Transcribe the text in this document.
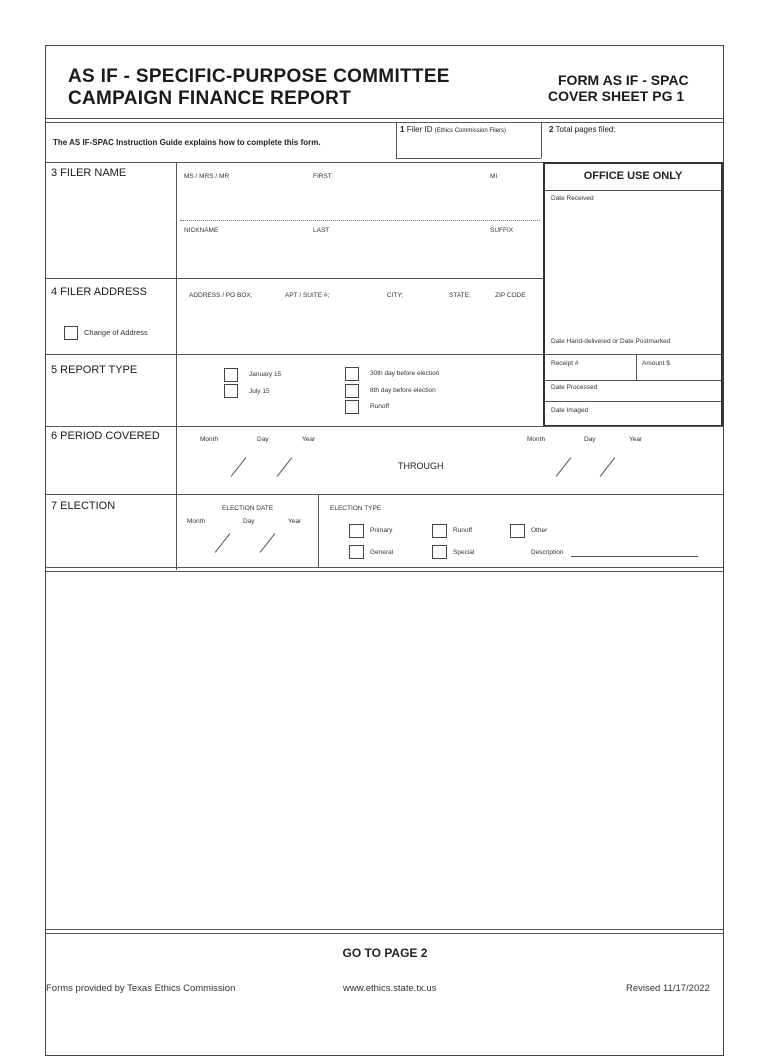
AS IF - SPECIFIC-PURPOSE COMMITTEE
CAMPAIGN FINANCE REPORT
FORM AS IF - SPAC
COVER SHEET PG 1
The AS IF-SPAC Instruction Guide explains how to complete this form.
1 Filer ID (Ethics Commission Filers)	2 Total pages filed:
3 FILER NAME	MS / MRS / MR	FIRST	MI
NICKNAME	LAST	SUFFIX
4 FILER ADDRESS	ADDRESS / PO BOX;	APT / SUITE #;	CITY;	STATE;	ZIP CODE
Change of Address
OFFICE USE ONLY
Date Received
Date Hand-delivered or Date Postmarked
Receipt #	Amount $
Date Processed
Date Imaged
5 REPORT TYPE	January 15
July 15
30th day before election
8th day before election
Runoff
6 PERIOD COVERED	Month	Day	Year
THROUGH
Month	Day	Year
7 ELECTION	ELECTION DATE
Month	Day	Year
ELECTION TYPE
Primary	Runoff	Other
General	Special	Description
GO TO PAGE 2
Forms provided by Texas Ethics Commission	www.ethics.state.tx.us	Revised 11/17/2022
